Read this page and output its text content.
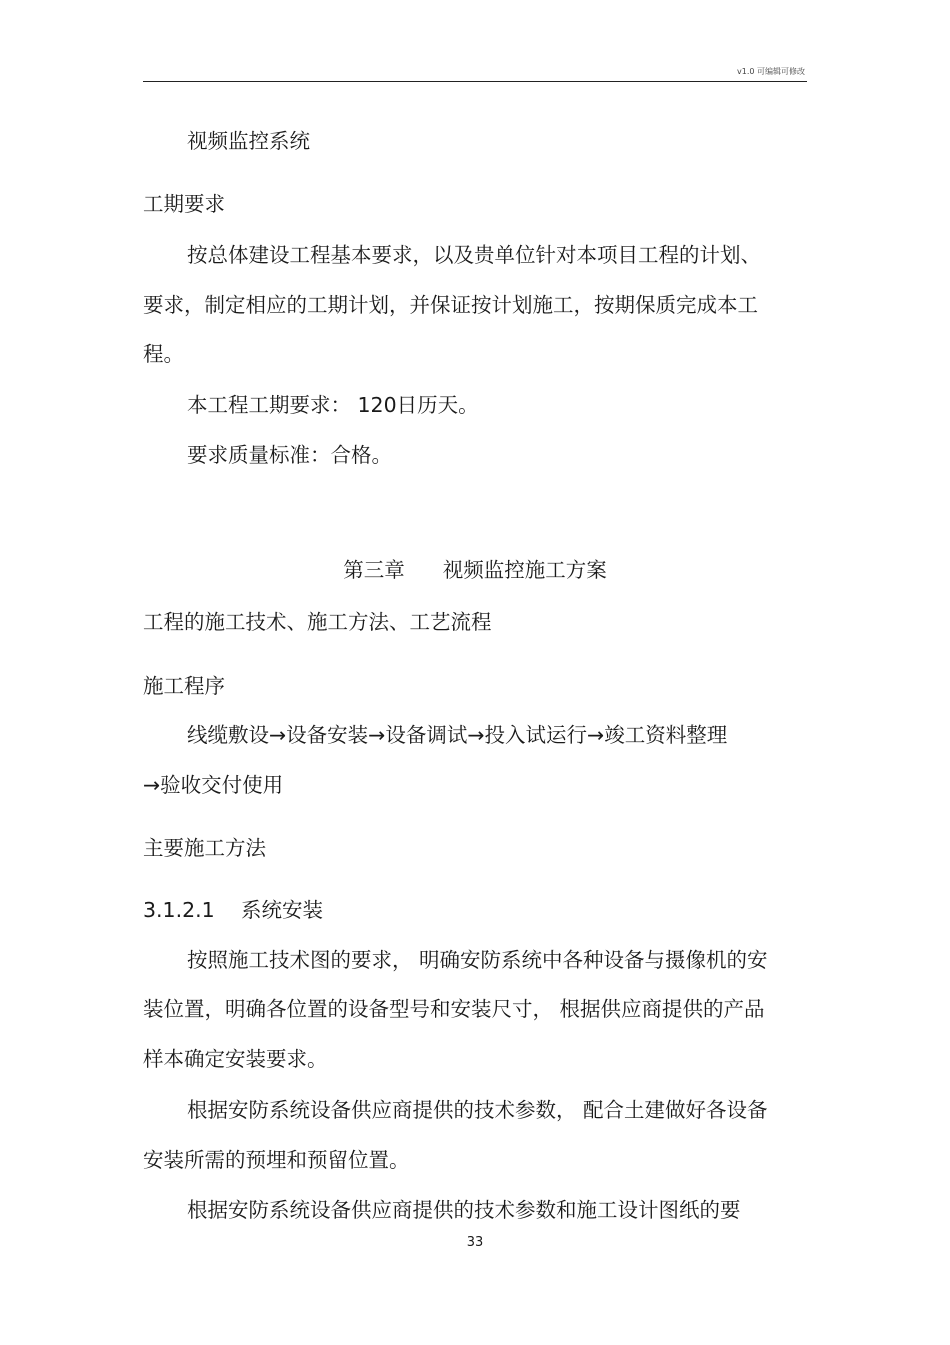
v1.0 可编辑可修改
视频监控系统
工期要求
按总体建设工程基本要求，以及贵单位针对本项目工程的计划、
要求，制定相应的工期计划，并保证按计划施工，按期保质完成本工
程。
本工程工期要求： 120日历天。
要求质量标准：合格。
第三章 视频监控施工方案
工程的施工技术、施工方法、工艺流程
施工程序
线缆敷设→设备安装→设备调试→投入试运行→竣工资料整理
→验收交付使用
主要施工方法
3.1.2.1 系统安装
按照施工技术图的要求， 明确安防系统中各种设备与摄像机的安
装位置，明确各位置的设备型号和安装尺寸， 根据供应商提供的产品
样本确定安装要求。
根据安防系统设备供应商提供的技术参数， 配合土建做好各设备
安装所需的预埋和预留位置。
根据安防系统设备供应商提供的技术参数和施工设计图纸的要
33
